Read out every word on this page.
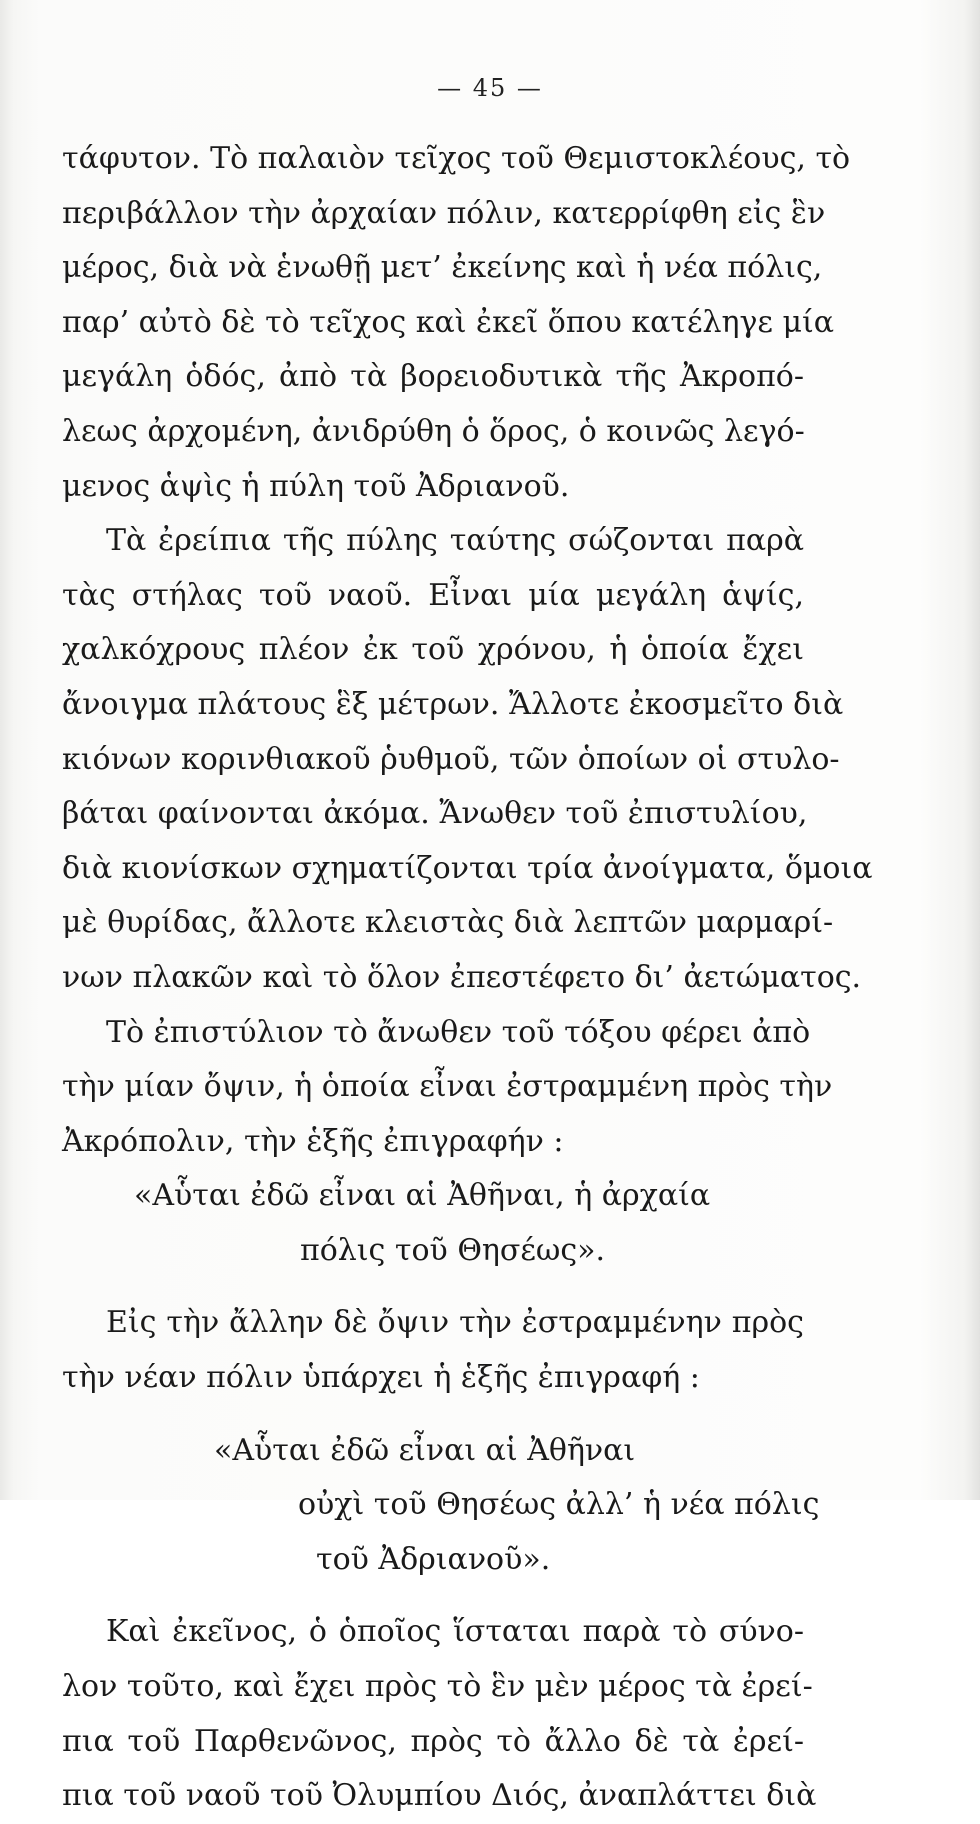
— 45 —
τάφυτον. Τὸ παλαιὸν τεῖχος τοῦ Θεμιστοκλέους, τὸ
περιβάλλον τὴν ἀρχαίαν πόλιν, κατερρίφθη εἰς ἓν
μέρος, διὰ νὰ ἑνωθῇ μετ’ ἐκείνης καὶ ἡ νέα πόλις,
παρ’ αὐτὸ δὲ τὸ τεῖχος καὶ ἐκεῖ ὅπου κατέληγε μία
μεγάλη ὁδός, ἀπὸ τὰ βορειοδυτικὰ τῆς Ἀκροπό-
λεως ἀρχομένη, ἀνιδρύθη ὁ ὅρος, ὁ κοινῶς λεγό-
μενος ἁψὶς ἡ πύλη τοῦ Ἀδριανοῦ.
Τὰ ἐρείπια τῆς πύλης ταύτης σώζονται παρὰ
τὰς στήλας τοῦ ναοῦ. Εἶναι μία μεγάλη ἁψίς,
χαλκόχρους πλέον ἐκ τοῦ χρόνου, ἡ ὁποία ἔχει
ἄνοιγμα πλάτους ἓξ μέτρων. Ἄλλοτε ἐκοσμεῖτο διὰ
κιόνων κορινθιακοῦ ῥυθμοῦ, τῶν ὁποίων οἱ στυλο-
βάται φαίνονται ἀκόμα. Ἄνωθεν τοῦ ἐπιστυλίου,
διὰ κιονίσκων σχηματίζονται τρία ἀνοίγματα, ὅμοια
μὲ θυρίδας, ἄλλοτε κλειστὰς διὰ λεπτῶν μαρμαρί-
νων πλακῶν καὶ τὸ ὅλον ἐπεστέφετο δι’ ἀετώματος.
Τὸ ἐπιστύλιον τὸ ἄνωθεν τοῦ τόξου φέρει ἀπὸ
τὴν μίαν ὄψιν, ἡ ὁποία εἶναι ἐστραμμένη πρὸς τὴν
Ἀκρόπολιν, τὴν ἑξῆς ἐπιγραφήν :
«Αὗται ἐδῶ εἶναι αἱ Ἀθῆναι, ἡ ἀρχαία
πόλις τοῦ Θησέως».
Εἰς τὴν ἄλλην δὲ ὄψιν τὴν ἐστραμμένην πρὸς
τὴν νέαν πόλιν ὑπάρχει ἡ ἑξῆς ἐπιγραφή :
«Αὗται ἐδῶ εἶναι αἱ Ἀθῆναι
οὐχὶ τοῦ Θησέως ἀλλ’ ἡ νέα πόλις
τοῦ Ἀδριανοῦ».
Καὶ ἐκεῖνος, ὁ ὁποῖος ἵσταται παρὰ τὸ σύνο-
λον τοῦτο, καὶ ἔχει πρὸς τὸ ἓν μὲν μέρος τὰ ἐρεί-
πια τοῦ Παρθενῶνος, πρὸς τὸ ἄλλο δὲ τὰ ἐρεί-
πια τοῦ ναοῦ τοῦ Ὀλυμπίου Διός, ἀναπλάττει διὰ
